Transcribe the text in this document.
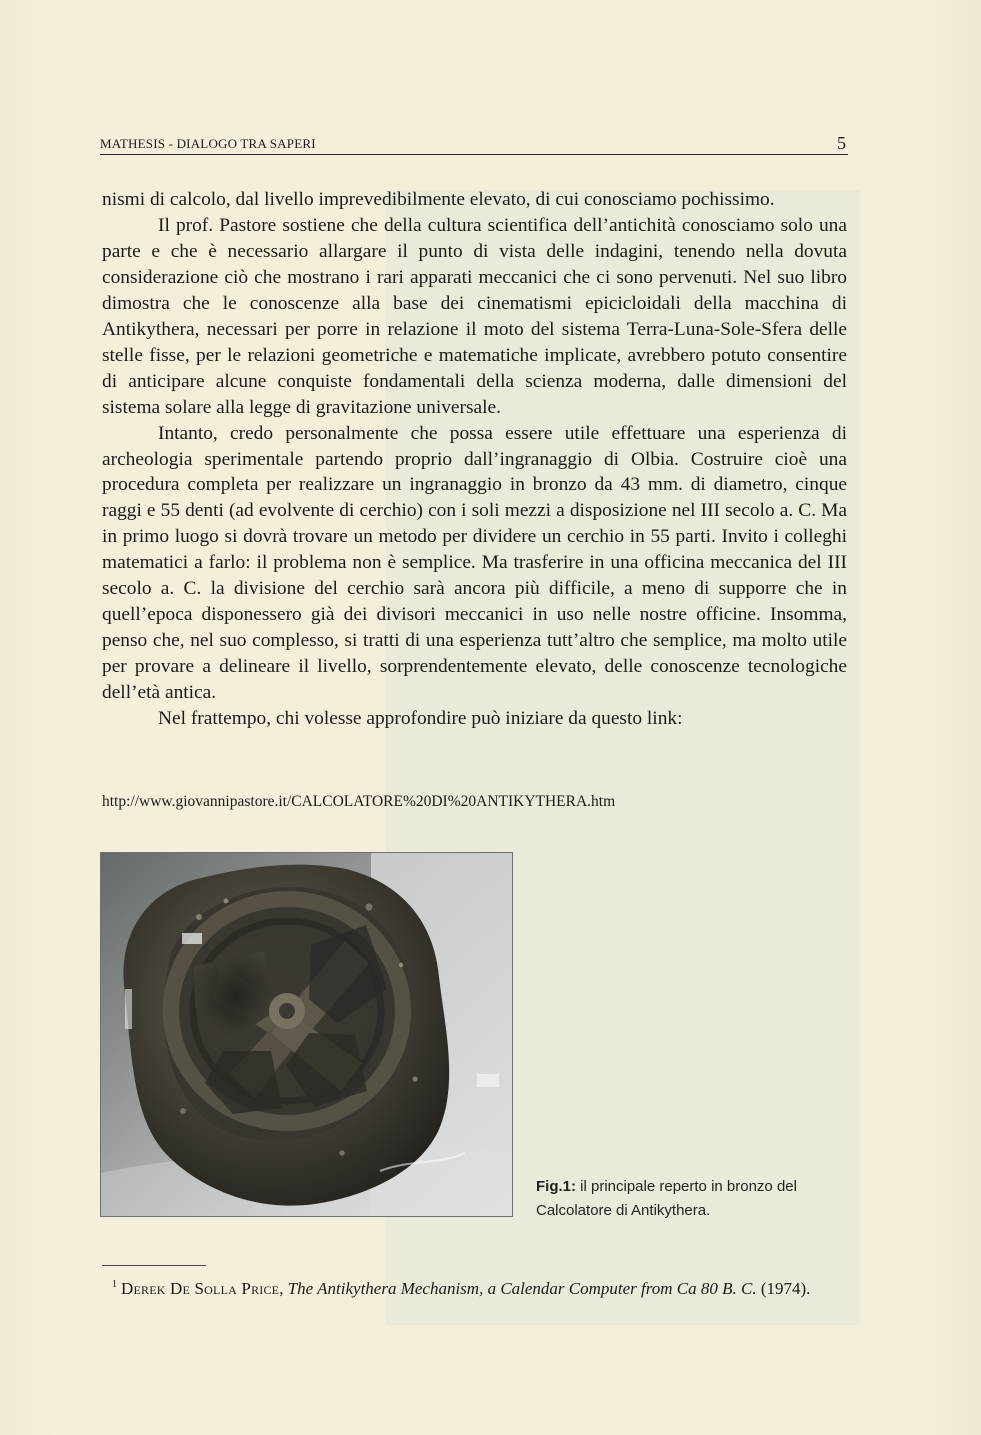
MATHESIS - DIALOGO TRA SAPERI	5

nismi di calcolo, dal livello imprevedibilmente elevato, di cui conosciamo pochissimo.

Il prof. Pastore sostiene che della cultura scientifica dell’antichità conosciamo solo una parte e che è necessario allargare il punto di vista delle indagini, tenendo nella dovuta considerazione ciò che mostrano i rari apparati meccanici che ci sono pervenuti. Nel suo libro dimostra che le conoscenze alla base dei cinematismi epicicloidali della macchina di Antikythera, necessari per porre in relazione il moto del sistema Terra-Luna-Sole-Sfera delle stelle fisse, per le relazioni geometriche e matematiche implicate, avrebbero potuto consentire di anticipare alcune conquiste fondamentali della scienza moderna, dalle dimensioni del sistema solare alla legge di gravitazione universale.

Intanto, credo personalmente che possa essere utile effettuare una esperienza di archeologia sperimentale partendo proprio dall’ingranaggio di Olbia. Costruire cioè una procedura completa per realizzare un ingranaggio in bronzo da 43 mm. di diametro, cinque raggi e 55 denti (ad evolvente di cerchio) con i soli mezzi a disposizione nel III secolo a. C. Ma in primo luogo si dovrà trovare un metodo per dividere un cerchio in 55 parti. Invito i colleghi matematici a farlo: il problema non è semplice. Ma trasferire in una officina meccanica del III secolo a. C. la divisione del cerchio sarà ancora più difficile, a meno di supporre che in quell’epoca disponessero già dei divisori meccanici in uso nelle nostre officine. Insomma, penso che, nel suo complesso, si tratti di una esperienza tutt’altro che semplice, ma molto utile per provare a delineare il livello, sorprendentemente elevato, delle conoscenze tecnologiche dell’età antica.

Nel frattempo, chi volesse approfondire può iniziare da questo link:

http://www.giovannipastore.it/CALCOLATORE%20DI%20ANTIKYTHERA.htm
Fig.1: il principale reperto in bronzo del Calcolatore di Antikythera.
$^1$ Derek De Solla Price, The Antikythera Mechanism, a Calendar Computer from Ca 80 B. C. (1974).
